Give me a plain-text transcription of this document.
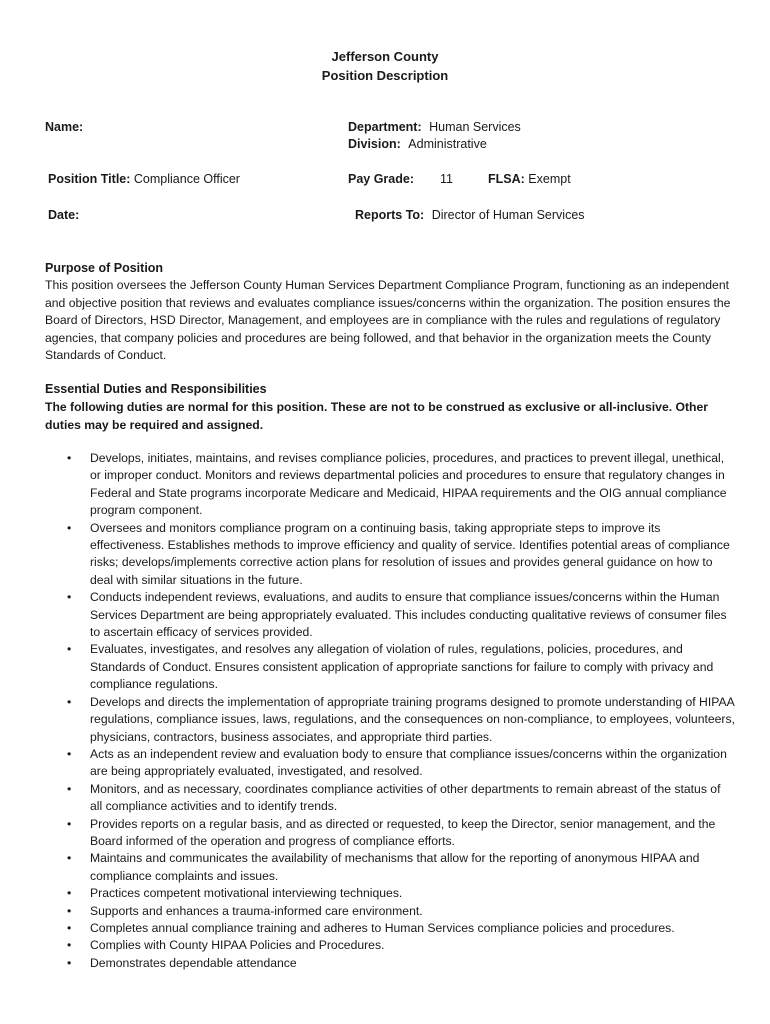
Jefferson County
Position Description
Name:	Department: Human Services
Division: Administrative
Position Title: Compliance Officer	Pay Grade: 11	FLSA: Exempt
Date:	Reports To: Director of Human Services
Purpose of Position
This position oversees the Jefferson County Human Services Department Compliance Program, functioning as an independent and objective position that reviews and evaluates compliance issues/concerns within the organization. The position ensures the Board of Directors, HSD Director, Management, and employees are in compliance with the rules and regulations of regulatory agencies, that company policies and procedures are being followed, and that behavior in the organization meets the County Standards of Conduct.
Essential Duties and Responsibilities
The following duties are normal for this position. These are not to be construed as exclusive or all-inclusive. Other duties may be required and assigned.
• Develops, initiates, maintains, and revises compliance policies, procedures, and practices to prevent illegal, unethical, or improper conduct. Monitors and reviews departmental policies and procedures to ensure that regulatory changes in Federal and State programs incorporate Medicare and Medicaid, HIPAA requirements and the OIG annual compliance program component.
• Oversees and monitors compliance program on a continuing basis, taking appropriate steps to improve its effectiveness. Establishes methods to improve efficiency and quality of service. Identifies potential areas of compliance risks; develops/implements corrective action plans for resolution of issues and provides general guidance on how to deal with similar situations in the future.
• Conducts independent reviews, evaluations, and audits to ensure that compliance issues/concerns within the Human Services Department are being appropriately evaluated. This includes conducting qualitative reviews of consumer files to ascertain efficacy of services provided.
• Evaluates, investigates, and resolves any allegation of violation of rules, regulations, policies, procedures, and Standards of Conduct. Ensures consistent application of appropriate sanctions for failure to comply with privacy and compliance regulations.
• Develops and directs the implementation of appropriate training programs designed to promote understanding of HIPAA regulations, compliance issues, laws, regulations, and the consequences on non-compliance, to employees, volunteers, physicians, contractors, business associates, and appropriate third parties.
• Acts as an independent review and evaluation body to ensure that compliance issues/concerns within the organization are being appropriately evaluated, investigated, and resolved.
• Monitors, and as necessary, coordinates compliance activities of other departments to remain abreast of the status of all compliance activities and to identify trends.
• Provides reports on a regular basis, and as directed or requested, to keep the Director, senior management, and the Board informed of the operation and progress of compliance efforts.
• Maintains and communicates the availability of mechanisms that allow for the reporting of anonymous HIPAA and compliance complaints and issues.
• Practices competent motivational interviewing techniques.
• Supports and enhances a trauma-informed care environment.
• Completes annual compliance training and adheres to Human Services compliance policies and procedures.
• Complies with County HIPAA Policies and Procedures.
• Demonstrates dependable attendance
